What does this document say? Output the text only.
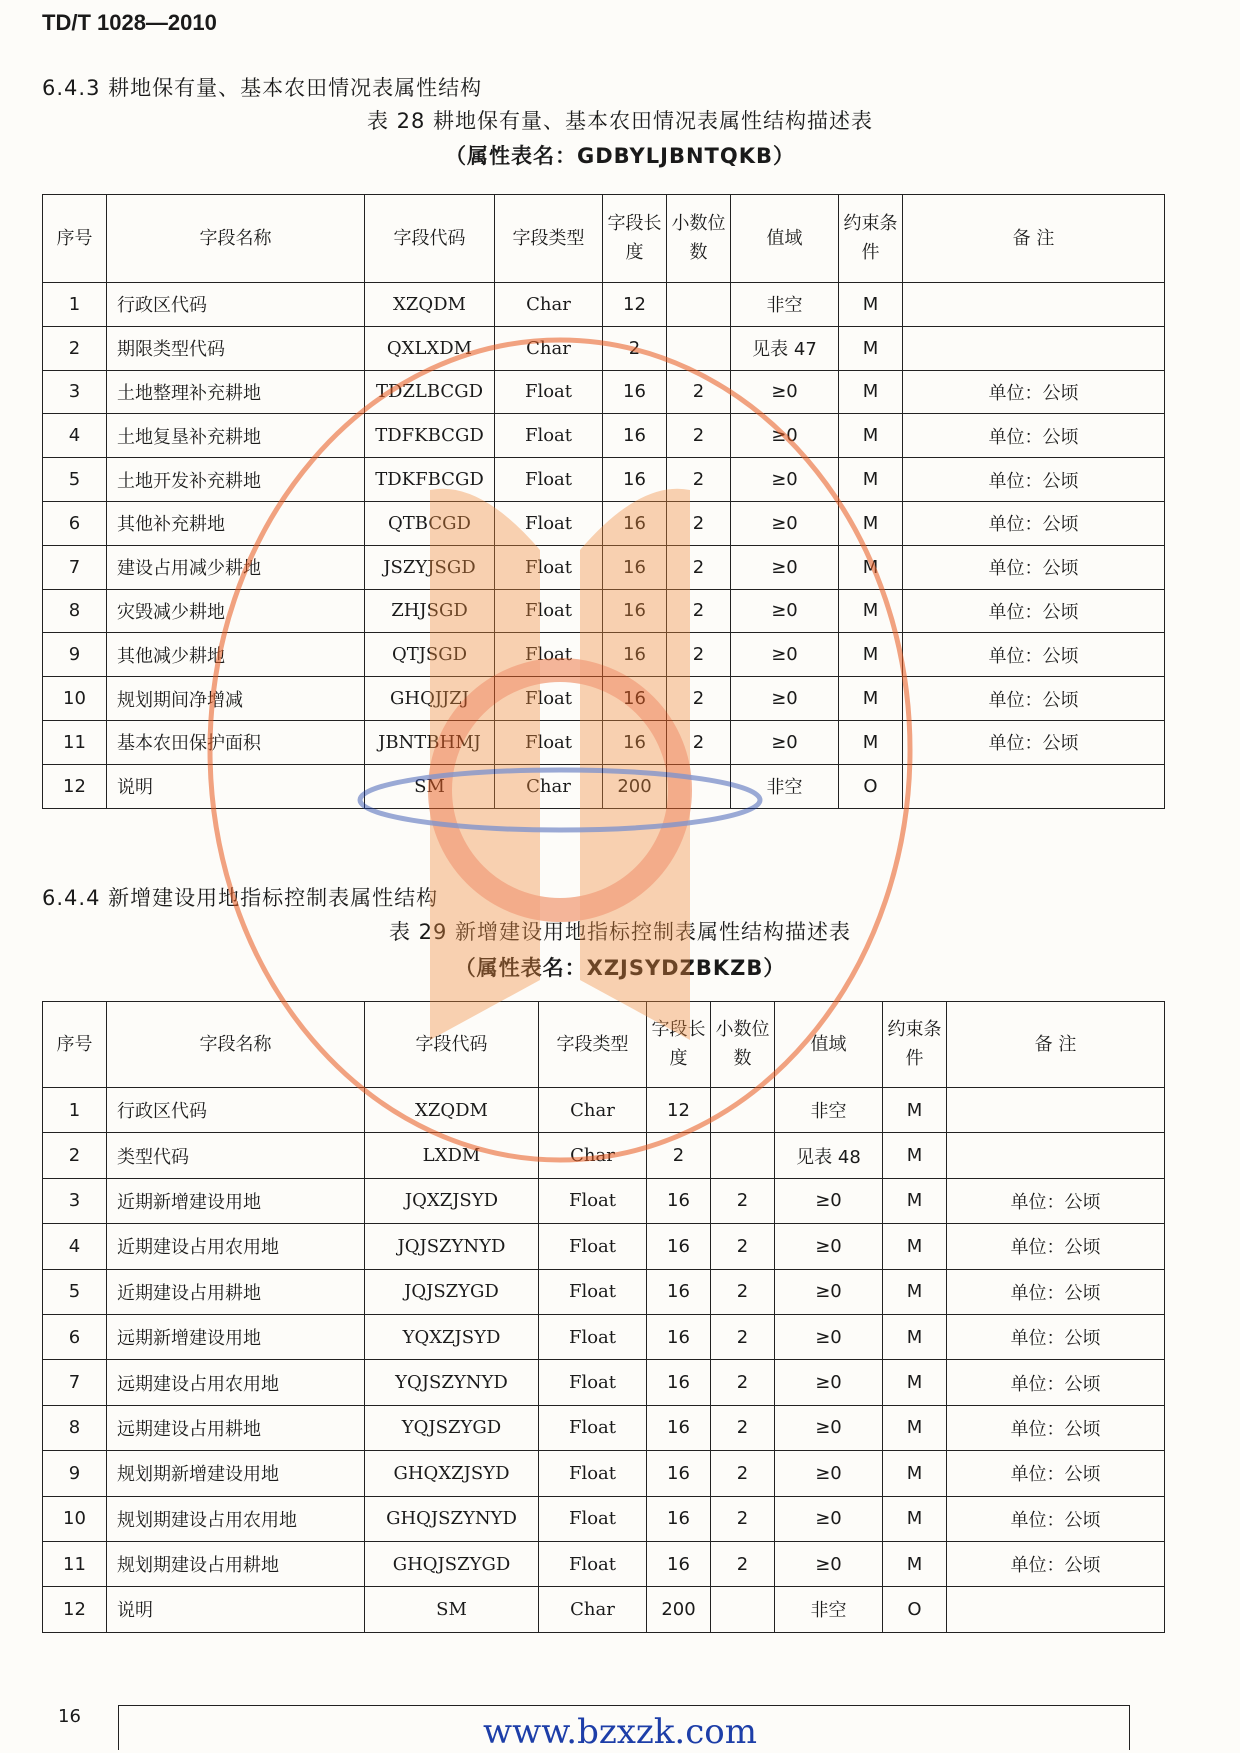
TD/T 1028—2010
6.4.3 耕地保有量、基本农田情况表属性结构
表 28 耕地保有量、基本农田情况表属性结构描述表
（属性表名：GDBYLJBNTQKB）
序号	字段名称	字段代码	字段类型	字段长度	小数位数	值域	约束条件	备 注
1	行政区代码	XZQDM	Char	12		非空	M	
2	期限类型代码	QXLXDM	Char	2		见表 47	M	
3	土地整理补充耕地	TDZLBCGD	Float	16	2	≥0	M	单位：公顷
4	土地复垦补充耕地	TDFKBCGD	Float	16	2	≥0	M	单位：公顷
5	土地开发补充耕地	TDKFBCGD	Float	16	2	≥0	M	单位：公顷
6	其他补充耕地	QTBCGD	Float	16	2	≥0	M	单位：公顷
7	建设占用减少耕地	JSZYJSGD	Float	16	2	≥0	M	单位：公顷
8	灾毁减少耕地	ZHJSGD	Float	16	2	≥0	M	单位：公顷
9	其他减少耕地	QTJSGD	Float	16	2	≥0	M	单位：公顷
10	规划期间净增减	GHQJJZJ	Float	16	2	≥0	M	单位：公顷
11	基本农田保护面积	JBNTBHMJ	Float	16	2	≥0	M	单位：公顷
12	说明	SM	Char	200		非空	O	
6.4.4 新增建设用地指标控制表属性结构
表 29 新增建设用地指标控制表属性结构描述表
（属性表名：XZJSYDZBKZB）
序号	字段名称	字段代码	字段类型	字段长度	小数位数	值域	约束条件	备 注
1	行政区代码	XZQDM	Char	12		非空	M	
2	类型代码	LXDM	Char	2		见表 48	M	
3	近期新增建设用地	JQXZJSYD	Float	16	2	≥0	M	单位：公顷
4	近期建设占用农用地	JQJSZYNYD	Float	16	2	≥0	M	单位：公顷
5	近期建设占用耕地	JQJSZYGD	Float	16	2	≥0	M	单位：公顷
6	远期新增建设用地	YQXZJSYD	Float	16	2	≥0	M	单位：公顷
7	远期建设占用农用地	YQJSZYNYD	Float	16	2	≥0	M	单位：公顷
8	远期建设占用耕地	YQJSZYGD	Float	16	2	≥0	M	单位：公顷
9	规划期新增建设用地	GHQXZJSYD	Float	16	2	≥0	M	单位：公顷
10	规划期建设占用农用地	GHQJSZYNYD	Float	16	2	≥0	M	单位：公顷
11	规划期建设占用耕地	GHQJSZYGD	Float	16	2	≥0	M	单位：公顷
12	说明	SM	Char	200		非空	O	
16	www.bzxzk.com
